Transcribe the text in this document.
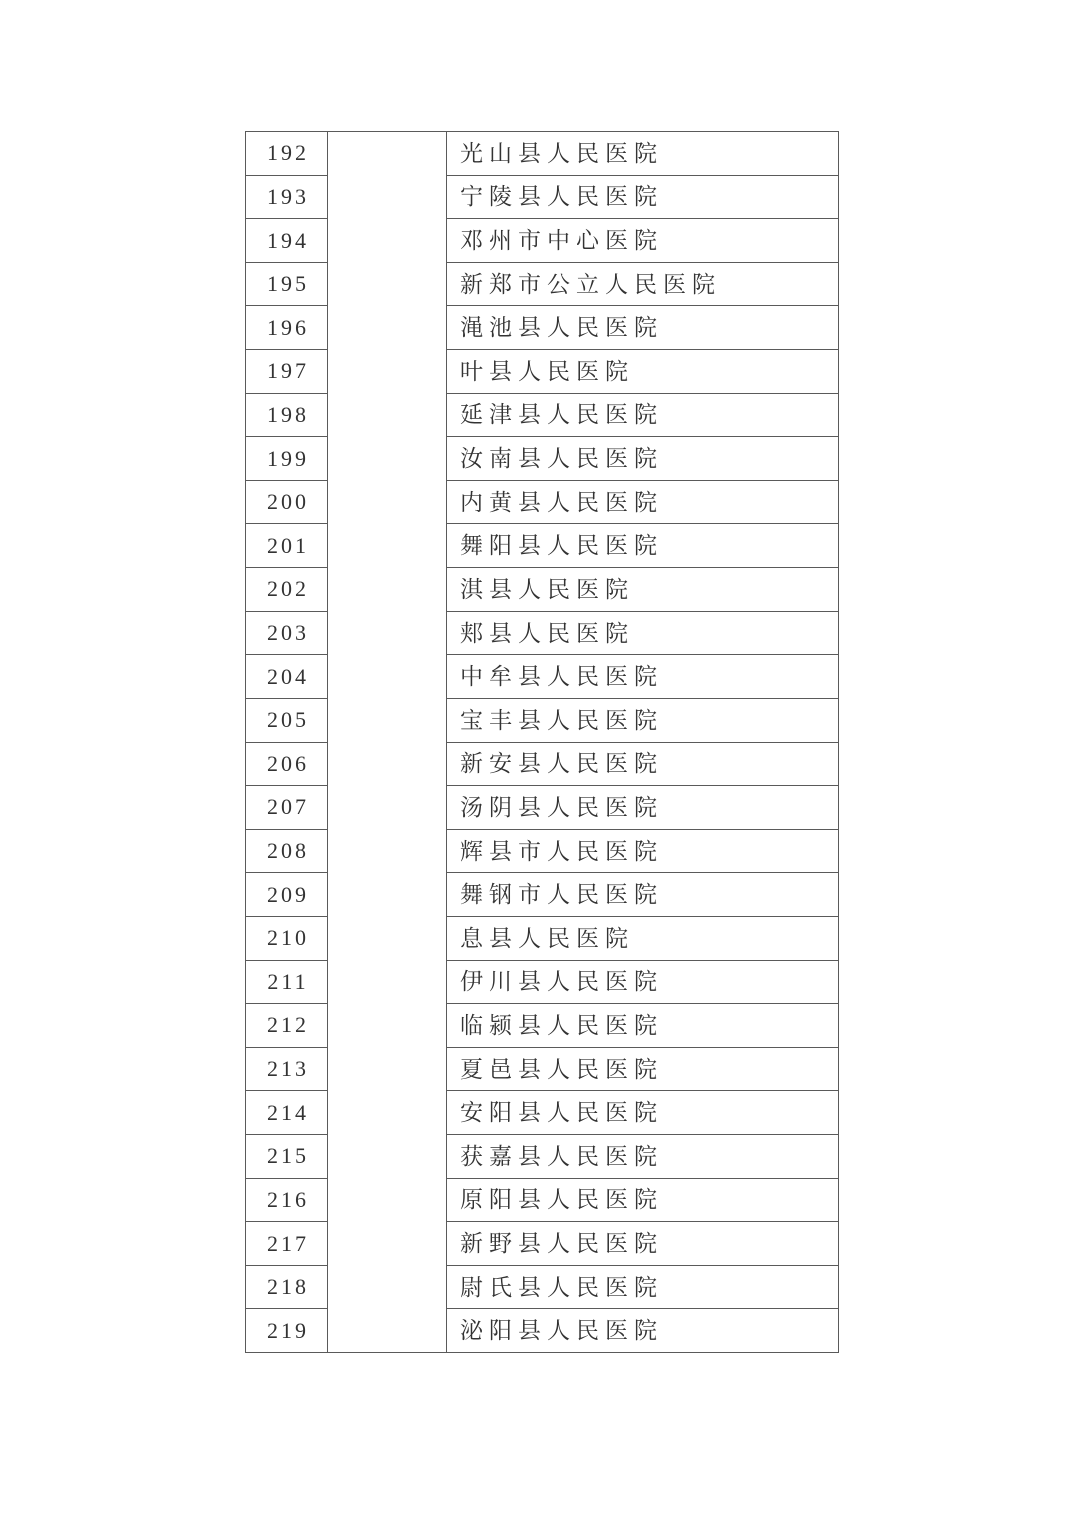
192
193
194
195
196
197
198
199
200
201
202
203
204
205
206
207
208
209
210
211
212
213
214
215
216
217
218
219
光山县人民医院
宁陵县人民医院
邓州市中心医院
新郑市公立人民医院
渑池县人民医院
叶县人民医院
延津县人民医院
汝南县人民医院
内黄县人民医院
舞阳县人民医院
淇县人民医院
郏县人民医院
中牟县人民医院
宝丰县人民医院
新安县人民医院
汤阴县人民医院
辉县市人民医院
舞钢市人民医院
息县人民医院
伊川县人民医院
临颍县人民医院
夏邑县人民医院
安阳县人民医院
获嘉县人民医院
原阳县人民医院
新野县人民医院
尉氏县人民医院
泌阳县人民医院
